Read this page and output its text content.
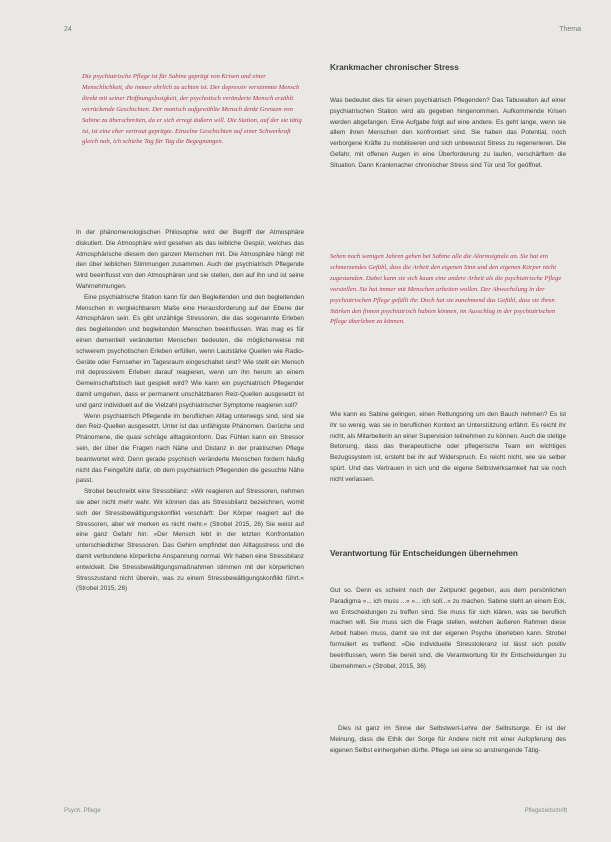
24	Thema

Die psychiatrische Pflege ist für Sabine geprägt von Krisen und einer Menschlichkeit, die immer ehrlich zu achten ist. Der depressiv verstimmte Mensch direkt mit seiner Hoffnungslosigkeit, der psychotisch veränderte Mensch erzählt verrückende Geschichten. Der manisch aufgewühlte Mensch denkt Grenzen von Sabine zu überschreiten, da er sich erregt äußern will. Die Station, auf der sie tätig ist, ist eine eher vertraut geprägte. Einzelne Geschichten auf einer Schwerkraft gleich nah, ich schiebe Tag für Tag die Begegnungen.

In der phänomenologischen Philosophie wird der Begriff der Atmosphäre diskutiert. Die Atmosphäre wird gesehen als das leibliche Gespür, welches das Atmosphärische diesem den ganzen Menschen mit. Die Atmosphäre hängt mit den über leiblichen Stimmungen zusammen. Auch der psychiatrisch Pflegende wird beeinflusst von den Atmosphären und sie stellen, den auf ihn und ist seine Wahrnehmungen.

Eine psychiatrische Station kann für den Begleitenden und den begleitenden Menschen in vergleichbarem Maße eine Herausforderung auf der Ebene der Atmosphären sein. Es gibt unzählige Stressoren, die das sogenannte Erleben des begleitenden und begleitenden Menschen beeinflussen. Was mag es für einen dementiell veränderten Menschen bedeuten, die möglicherweise mit schwerem psychotischen Erleben erfüllen, wenn Lautstärke Quellen wie Radio-Geräte oder Fernseher im Tagesraum eingeschaltet sind? Wie stellt ein Mensch mit depressivem Erleben darauf reagieren, wenn um ihn herum an einem Gemeinschaftstisch laut gespielt wird? Wie kann ein psychiatrisch Pflegender damit umgehen, dass er permanent unschätzbaren Reiz-Quellen ausgesetzt ist und ganz individuell auf die Vielzahl psychiatrischer Symptome reagieren soll?

Wenn psychiatrisch Pflegende im beruflichen Alltag unterwegs sind, sind sie den Reiz-Quellen ausgesetzt. Unter ist das unfähigste Phänomen. Gerüche und Phänomene, die quasi schräge alltagskonform. Das Fühlen kann ein Stressor sein, der über die Fragen nach Nähe und Distanz in der praktischen Pflege beantwortet wird. Denn gerade psychisch veränderte Menschen fordern häufig nicht das Feingefühl dafür, ob dem psychiatrisch Pflegenden die gesuchte Nähe passt.

Strobel beschreibt eine Stressbilanz: »Wir reagieren auf Stressoren, nehmen sie aber nicht mehr wahr. Wir können das als Stressbilanz bezeichnen, womit sich der Stressbewältigungskonflikt verschärft: Der Körper reagiert auf die Stressoren, aber wir merken es nicht mehr.« (Strobel 2015, 26) Sie weist auf eine ganz Gefahr hin: »Der Mensch lebt in der letzten Konfrontation unterschiedlicher Stressoren. Das Gehirn empfindet den Alltagsstress und die damit verbundene körperliche Anspannung normal. Wir haben eine Stressbilanz entwickelt. Die Stressbewältigungsmaßnahmen stimmen mit der körperlichen Stresszustand nicht überein, was zu einem Stressbewältigungskonflikt führt.« (Strobel 2015, 26)

Krankmacher chronischer Stress

Was bedeutet dies für einen psychiatrisch Pflegenden? Das Tabuwalten auf einer psychiatrischen Station wird als gegeben hingenommen. Aufkommende Krisen werden abgefangen. Eine Aufgabe folgt auf eine andere. Es geht lange, wenn sie allem ihren Menschen den konfrontiert sind. Sie haben das Potential, noch verborgene Kräfte zu mobilisieren und sich unbewusst Stress zu regenerieren. Die Gefahr, mit offenen Augen in eine Überforderung zu laufen, verschärftem die Situation. Dann Krankmacher chronischer Stress sind Tür und Tor geöffnet.

Sehen nach wenigen Jahren gehen bei Sabine alle die Alarmsignale an. Sie hat ein schmerzendes Gefühl, dass die Arbeit den eigenen Sinn und den eigenen Körper nicht zugestanden. Dabei kann sie sich kaum eine andere Arbeit als die psychiatrische Pflege vorstellen. Sie hat immer mit Menschen arbeiten wollen. Der Abwechslung in der psychiatrischen Pflege gefällt ihr. Doch hat sie zunehmend das Gefühl, dass sie ihren Stärken den finnen psychiatrisch habien können, im Ausschlag in der psychiatrischen Pflege überleben zu können.

Wie kann es Sabine gelingen, einen Rettungsring um den Bauch nehmen? Es ist ihr so wenig, was sie in beruflichen Kontext an Unterstützung erfährt. Es reicht ihr nicht, als Mitarbeiterin an einer Supervision teilnehmen zu können. Auch die stetige Betonung, dass das therapeutische oder pflegerische Team ein wichtiges Bezugssystem ist, ersteht bei ihr auf Widerspruch. Es reicht nicht, wie sie selber spürt. Und das Vertrauen in sich und die eigene Selbstwirksamkeit hat sie noch nicht verlassen.

Verantwortung für Entscheidungen übernehmen

Gut so. Denn es scheint noch der Zeitpunkt gegeben, aus dem persönlichen Paradigma »... ich muss ...« »... ich soll...« zu machen. Sabine steht an einem Eck, wo Entscheidungen zu treffen sind. Sie muss für sich klären, was sie beruflich machen will. Sie muss sich die Frage stellen, welchen äußeren Rahmen diese Arbeit haben muss, damit sie mit der eigenen Psyche überleben kann. Strobel formuliert es treffend: »Die individuelle Stresstoleranz ist lässt sich positiv beeinflussen, wenn Sie bereit sind, die Verantwortung für Ihr Entscheidungen zu übernehmen.« (Strobel, 2015, 36)

Dies ist ganz im Sinne der Selbstwert-Lehre der Selbstsorge. Er ist der Meinung, dass die Ethik der Sorge für Andere nicht mit einer Aufopferung des eigenen Selbst einhergehen dürfte. Pflege sei eine so anstrengende Tätig-

Psych. Pflege	Pflegezeitschrift
